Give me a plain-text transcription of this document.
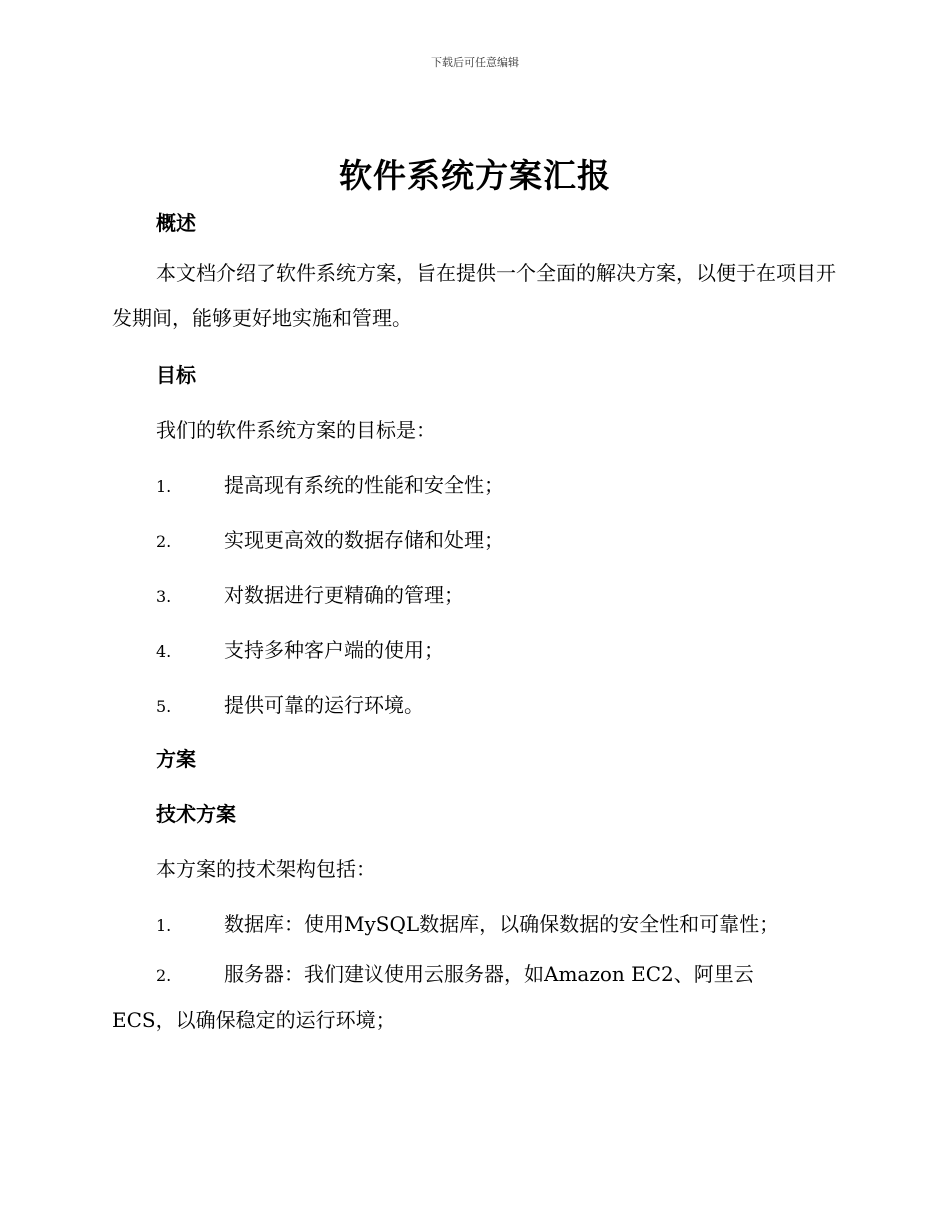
下载后可任意编辑
软件系统方案汇报
概述
本文档介绍了软件系统方案，旨在提供一个全面的解决方案，以便于在项目开发期间，能够更好地实施和管理。
目标
我们的软件系统方案的目标是：
1.	提高现有系统的性能和安全性；
2.	实现更高效的数据存储和处理；
3.	对数据进行更精确的管理；
4.	支持多种客户端的使用；
5.	提供可靠的运行环境。
方案
技术方案
本方案的技术架构包括：
1.	数据库：使用MySQL数据库，以确保数据的安全性和可靠性；
2.	服务器：我们建议使用云服务器，如Amazon EC2、阿里云
ECS，以确保稳定的运行环境；
